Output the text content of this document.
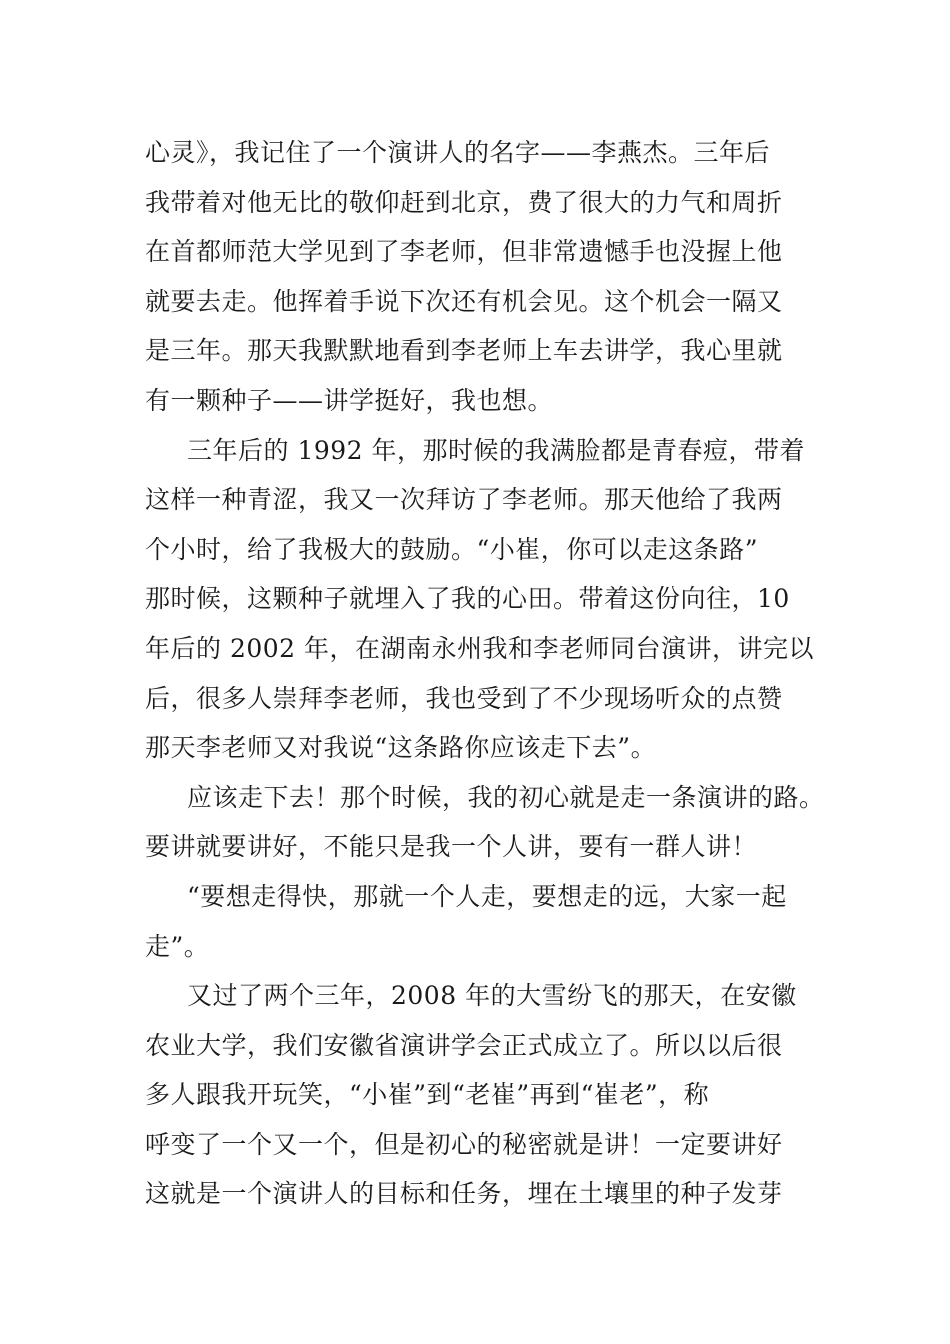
心灵》，我记住了一个演讲人的名字——李燕杰。三年后
我带着对他无比的敬仰赶到北京，费了很大的力气和周折
在首都师范大学见到了李老师，但非常遗憾手也没握上他
就要去走。他挥着手说下次还有机会见。这个机会一隔又
是三年。那天我默默地看到李老师上车去讲学，我心里就
有一颗种子——讲学挺好，我也想。
三年后的 1992 年，那时候的我满脸都是青春痘，带着
这样一种青涩，我又一次拜访了李老师。那天他给了我两
个小时，给了我极大的鼓励。“小崔，你可以走这条路”
那时候，这颗种子就埋入了我的心田。带着这份向往，10
年后的 2002 年，在湖南永州我和李老师同台演讲，讲完以
后，很多人崇拜李老师，我也受到了不少现场听众的点赞
那天李老师又对我说“这条路你应该走下去”。
应该走下去！那个时候，我的初心就是走一条演讲的路。
要讲就要讲好，不能只是我一个人讲，要有一群人讲！
“要想走得快，那就一个人走，要想走的远，大家一起
走”。
又过了两个三年，2008 年的大雪纷飞的那天，在安徽
农业大学，我们安徽省演讲学会正式成立了。所以以后很
多人跟我开玩笑，“小崔”到“老崔”再到“崔老”，称
呼变了一个又一个，但是初心的秘密就是讲！一定要讲好
这就是一个演讲人的目标和任务，埋在土壤里的种子发芽
